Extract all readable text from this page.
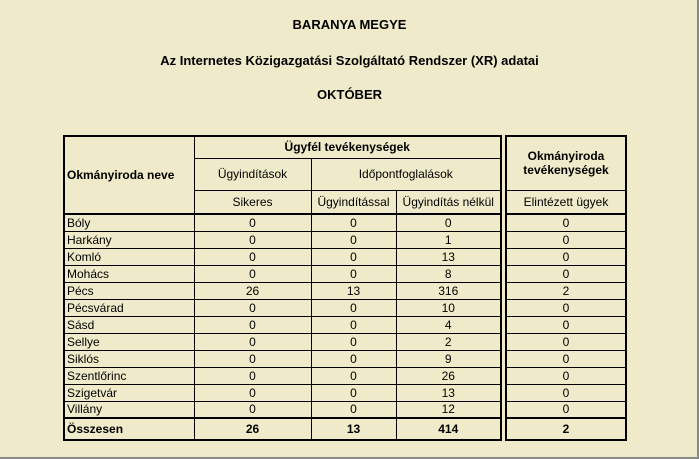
BARANYA MEGYE
Az Internetes Közigazgatási Szolgáltató Rendszer (XR) adatai
OKTÓBER
Okmányiroda neve	Ügyfél tevékenységek				Okmányiroda tevékenységek
	Ügyindítások	Időpontfoglalások			
	Sikeres	Ügyindítással	Ügyindítás nélkül		Elintézett ügyek
Bóly	0	0	0		0
Harkány	0	0	1		0
Komló	0	0	13		0
Mohács	0	0	8		0
Pécs	26	13	316		2
Pécsvárad	0	0	10		0
Sásd	0	0	4		0
Sellye	0	0	2		0
Siklós	0	0	9		0
Szentlőrinc	0	0	26		0
Szigetvár	0	0	13		0
Villány	0	0	12		0
Összesen	26	13	414		2
